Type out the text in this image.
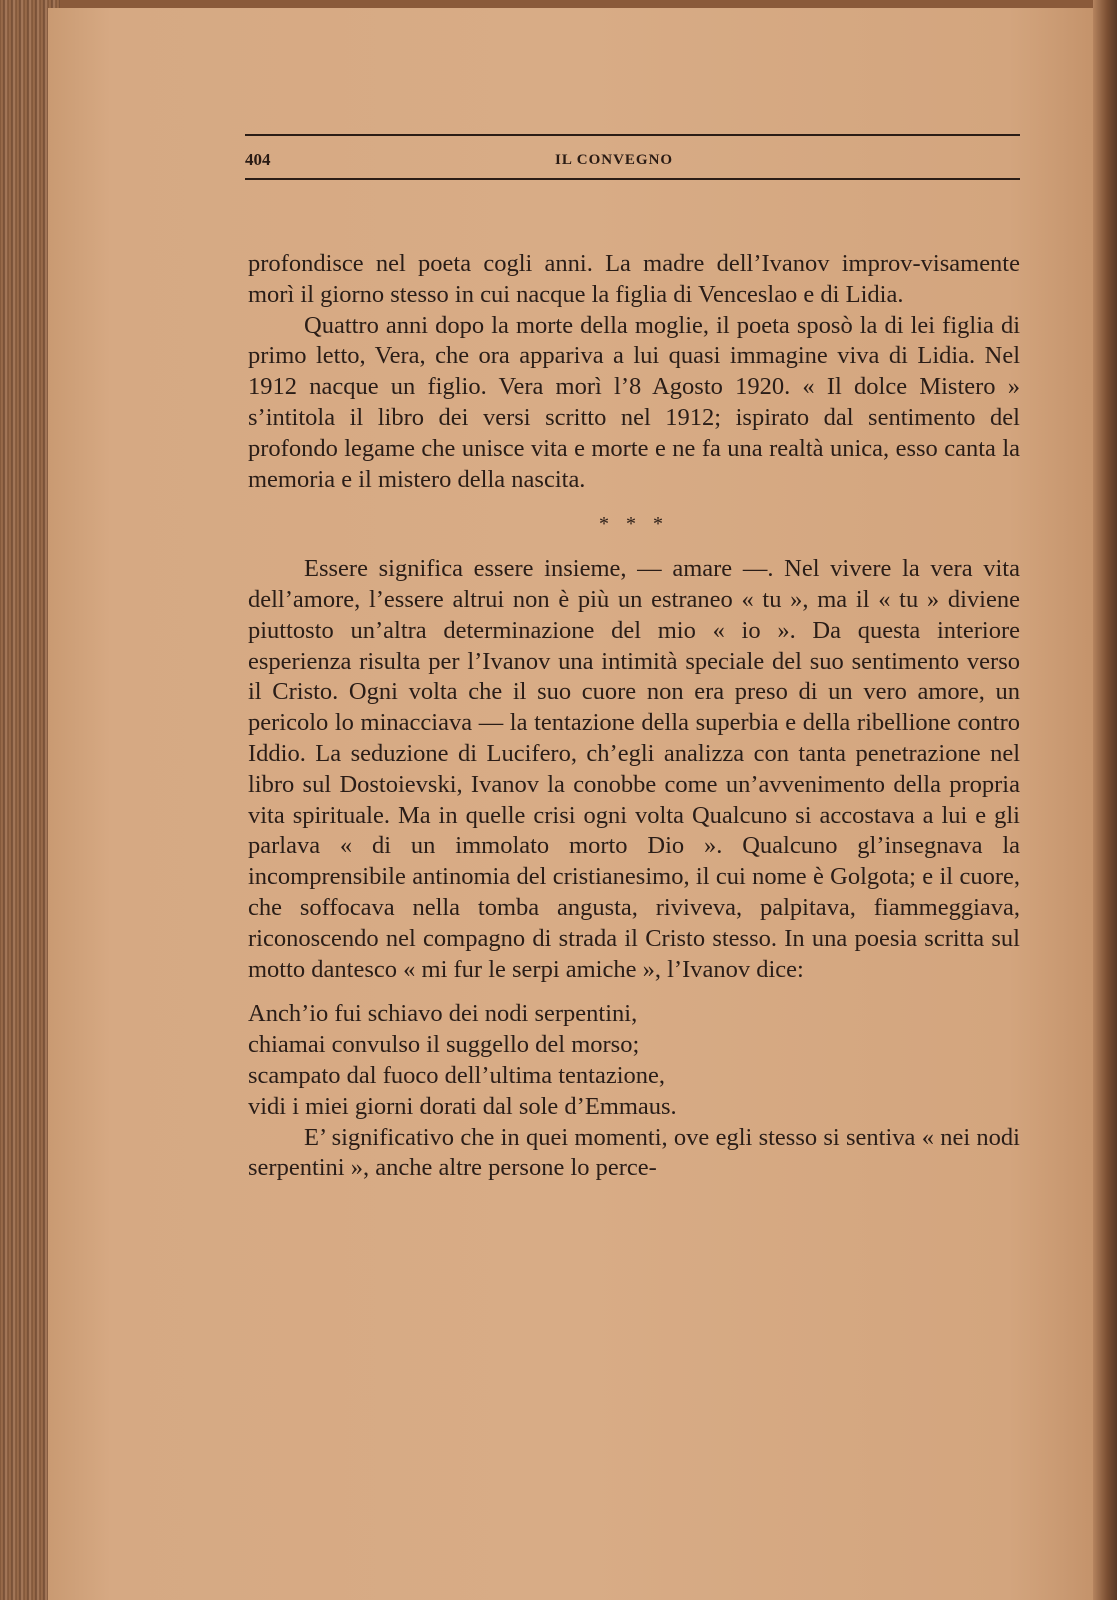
404	IL CONVEGNO

profondisce nel poeta cogli anni. La madre dell’Ivanov improv-visamente morì il giorno stesso in cui nacque la figlia di Venceslao e di Lidia.

Quattro anni dopo la morte della moglie, il poeta sposò la di lei figlia di primo letto, Vera, che ora appariva a lui quasi immagine viva di Lidia. Nel 1912 nacque un figlio. Vera morì l’8 Agosto 1920. « Il dolce Mistero » s’intitola il libro dei versi scritto nel 1912; ispirato dal sentimento del profondo legame che unisce vita e morte e ne fa una realtà unica, esso canta la memoria e il mistero della nascita.

* * *

Essere significa essere insieme, — amare —. Nel vivere la vera vita dell’amore, l’essere altrui non è più un estraneo « tu », ma il « tu » diviene piuttosto un’altra determinazione del mio « io ». Da questa interiore esperienza risulta per l’Ivanov una intimità speciale del suo sentimento verso il Cristo. Ogni volta che il suo cuore non era preso di un vero amore, un pericolo lo minacciava — la tentazione della superbia e della ribellione contro Iddio. La seduzione di Lucifero, ch’egli analizza con tanta penetrazione nel libro sul Dostoievski, Ivanov la conobbe come un’avvenimento della propria vita spirituale. Ma in quelle crisi ogni volta Qualcuno si accostava a lui e gli parlava « di un immolato morto Dio ». Qualcuno gl’insegnava la incomprensibile antinomia del cristianesimo, il cui nome è Golgota; e il cuore, che soffocava nella tomba angusta, riviveva, palpitava, fiammeggiava, riconoscendo nel compagno di strada il Cristo stesso. In una poesia scritta sul motto dantesco « mi fur le serpi amiche », l’Ivanov dice:

Anch’io fui schiavo dei nodi serpentini,
chiamai convulso il suggello del morso;
scampato dal fuoco dell’ultima tentazione,
vidi i miei giorni dorati dal sole d’Emmaus.

E’ significativo che in quei momenti, ove egli stesso si sentiva « nei nodi serpentini », anche altre persone lo perce-
